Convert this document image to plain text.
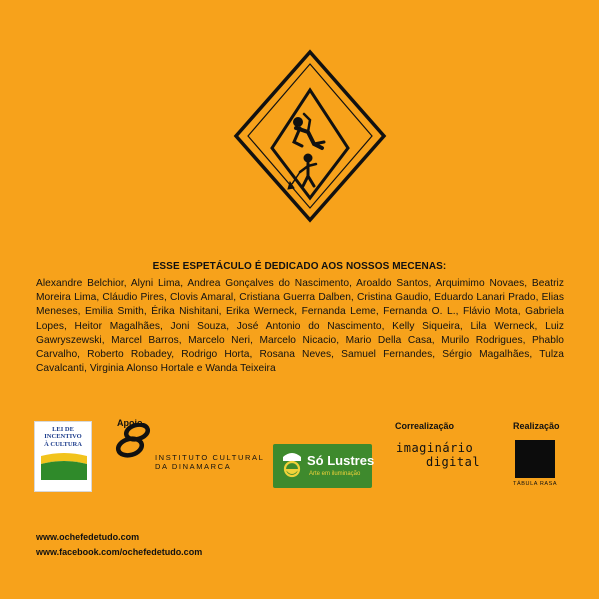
ESSE ESPETÁCULO É DEDICADO AOS NOSSOS MECENAS:
Alexandre Belchior, Alyni Lima, Andrea Gonçalves do Nascimento, Aroaldo Santos, Arquimimo Novaes, Beatriz Moreira Lima, Cláudio Pires, Clovis Amaral, Cristiana Guerra Dalben, Cristina Gaudio, Eduardo Lanari Prado, Elias Meneses, Emilia Smith, Érika Nishitani, Erika Werneck, Fernanda Leme, Fernanda O. L., Flávio Mota, Gabriela Lopes, Heitor Magalhães, Joni Souza, José Antonio do Nascimento, Kelly Siqueira, Lila Werneck, Luiz Gawryszewski, Marcel Barros, Marcelo Neri, Marcelo Nicacio, Mario Della Casa, Murilo Rodrigues, Phablo Carvalho, Roberto Robadey, Rodrigo Horta, Rosana Neves, Samuel Fernandes, Sérgio Magalhães, Tulza Cavalcanti, Virginia Alonso Hortale e Wanda Teixeira
LEI DE
INCENTIVO
À CULTURA
Apoio
INSTITUTO CULTURAL
DA DINAMARCA	Só Lustres
Arte em iluminação
Correalização
imaginário
digital
Realização
TÁBULA RASA
www.ochefedetudo.com
www.facebook.com/ochefedetudo.com
